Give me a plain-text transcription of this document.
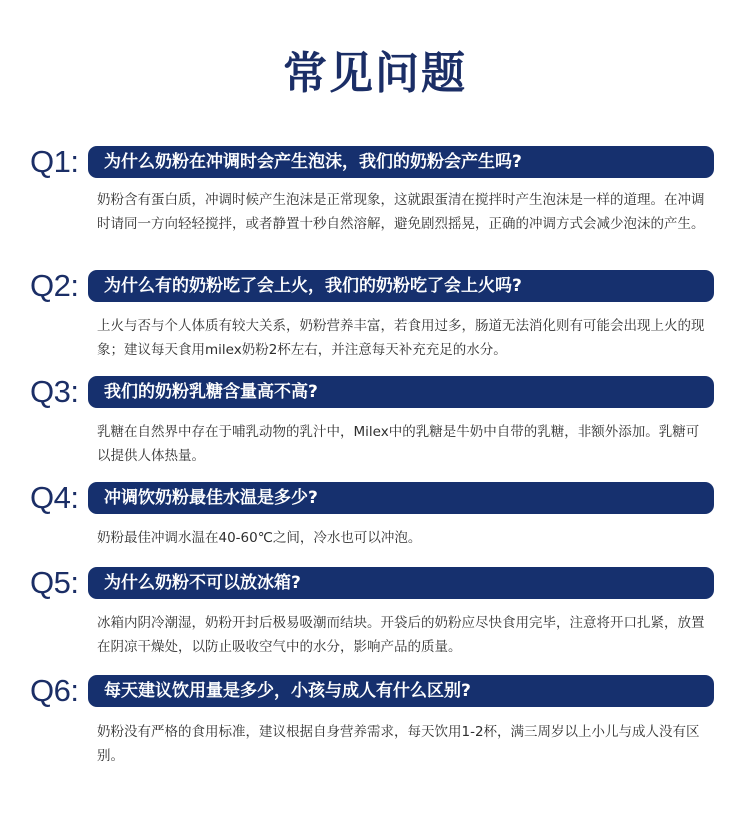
常见问题
Q1:	为什么奶粉在冲调时会产生泡沫，我们的奶粉会产生吗?
奶粉含有蛋白质，冲调时候产生泡沫是正常现象，这就跟蛋清在搅拌时产生泡沫是一样的道理。在冲调时请同一方向轻轻搅拌，或者静置十秒自然溶解，避免剧烈摇晃，正确的冲调方式会减少泡沫的产生。
Q2:	为什么有的奶粉吃了会上火，我们的奶粉吃了会上火吗?
上火与否与个人体质有较大关系，奶粉营养丰富，若食用过多，肠道无法消化则有可能会出现上火的现象；建议每天食用milex奶粉2杯左右，并注意每天补充充足的水分。
Q3:	我们的奶粉乳糖含量高不高?
乳糖在自然界中存在于哺乳动物的乳汁中，Milex中的乳糖是牛奶中自带的乳糖，非额外添加。乳糖可以提供人体热量。
Q4:	冲调饮奶粉最佳水温是多少?
奶粉最佳冲调水温在40-60℃之间，冷水也可以冲泡。
Q5:	为什么奶粉不可以放冰箱?
冰箱内阴冷潮湿，奶粉开封后极易吸潮而结块。开袋后的奶粉应尽快食用完毕，注意将开口扎紧，放置在阴凉干燥处，以防止吸收空气中的水分，影响产品的质量。
Q6:	每天建议饮用量是多少，小孩与成人有什么区别?
奶粉没有严格的食用标准，建议根据自身营养需求，每天饮用1-2杯，满三周岁以上小儿与成人没有区别。
